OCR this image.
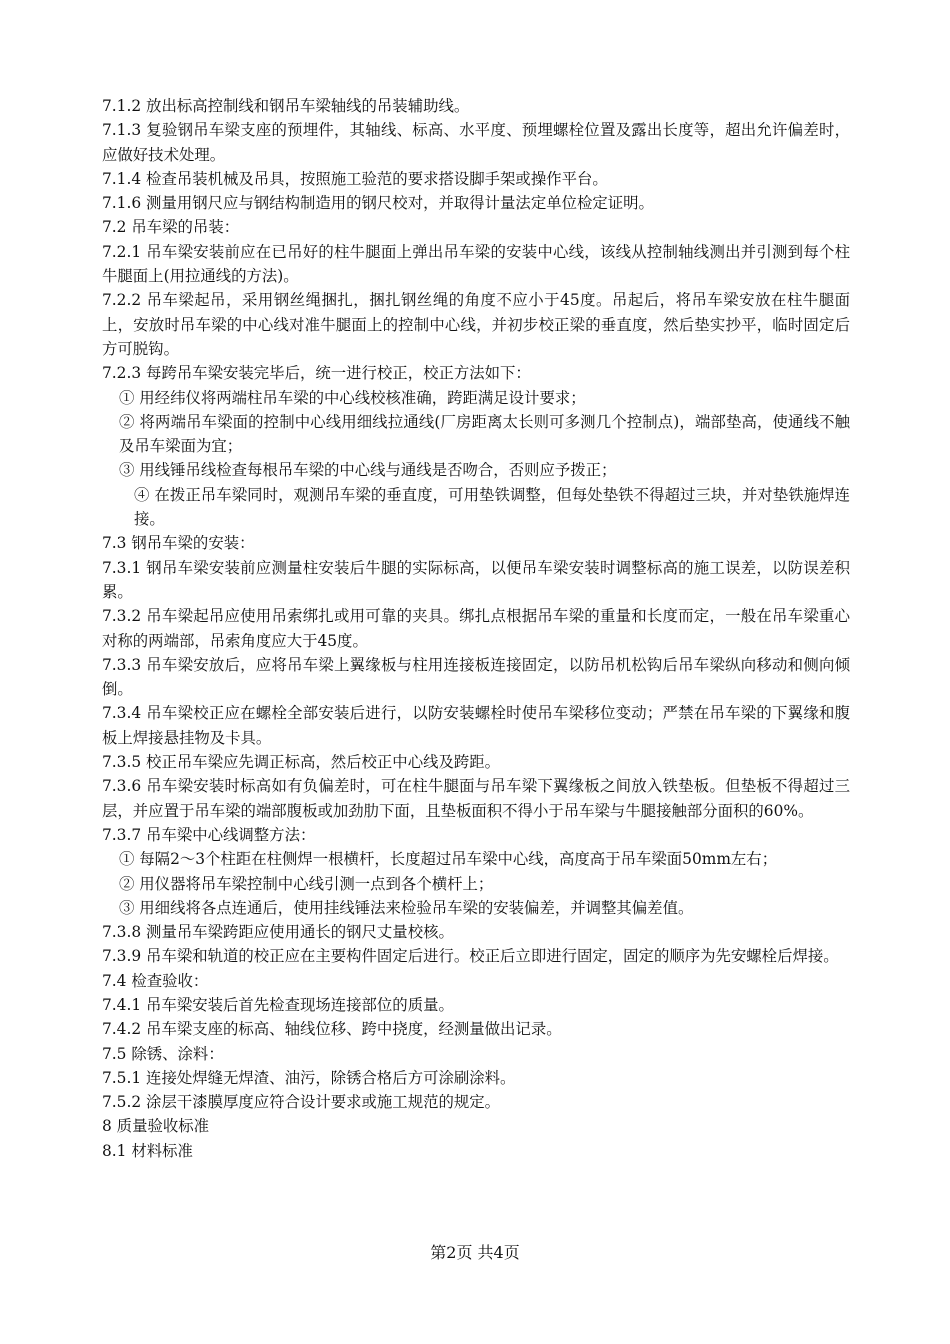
7.1.2 放出标高控制线和钢吊车梁轴线的吊装辅助线。

7.1.3 复验钢吊车梁支座的预埋件，其轴线、标高、水平度、预埋螺栓位置及露出长度等，超出允许偏差时，应做好技术处理。

7.1.4 检查吊装机械及吊具，按照施工验范的要求搭设脚手架或操作平台。

7.1.6 测量用钢尺应与钢结构制造用的钢尺校对，并取得计量法定单位检定证明。

7.2 吊车梁的吊装：

7.2.1 吊车梁安装前应在已吊好的柱牛腿面上弹出吊车梁的安装中心线，该线从控制轴线测出并引测到每个柱牛腿面上(用拉通线的方法)。

7.2.2 吊车梁起吊，采用钢丝绳捆扎，捆扎钢丝绳的角度不应小于45度。吊起后，将吊车梁安放在柱牛腿面上，安放时吊车梁的中心线对准牛腿面上的控制中心线，并初步校正梁的垂直度，然后垫实抄平，临时固定后方可脱钩。

7.2.3 每跨吊车梁安装完毕后，统一进行校正，校正方法如下：

① 用经纬仪将两端柱吊车梁的中心线校核准确，跨距满足设计要求；

② 将两端吊车梁面的控制中心线用细线拉通线(厂房距离太长则可多测几个控制点)，端部垫高，使通线不触及吊车梁面为宜；

③ 用线锤吊线检查每根吊车梁的中心线与通线是否吻合，否则应予拨正；

④ 在拨正吊车梁同时，观测吊车梁的垂直度，可用垫铁调整，但每处垫铁不得超过三块，并对垫铁施焊连接。

7.3 钢吊车梁的安装：

7.3.1 钢吊车梁安装前应测量柱安装后牛腿的实际标高，以便吊车梁安装时调整标高的施工误差，以防误差积累。

7.3.2 吊车梁起吊应使用吊索绑扎或用可靠的夹具。绑扎点根据吊车梁的重量和长度而定，一般在吊车梁重心对称的两端部，吊索角度应大于45度。

7.3.3 吊车梁安放后，应将吊车梁上翼缘板与柱用连接板连接固定，以防吊机松钩后吊车梁纵向移动和侧向倾倒。

7.3.4 吊车梁校正应在螺栓全部安装后进行，以防安装螺栓时使吊车梁移位变动；严禁在吊车梁的下翼缘和腹板上焊接悬挂物及卡具。

7.3.5 校正吊车梁应先调正标高，然后校正中心线及跨距。

7.3.6 吊车梁安装时标高如有负偏差时，可在柱牛腿面与吊车梁下翼缘板之间放入铁垫板。但垫板不得超过三层，并应置于吊车梁的端部腹板或加劲肋下面，且垫板面积不得小于吊车梁与牛腿接触部分面积的60%。

7.3.7 吊车梁中心线调整方法：

① 每隔2～3个柱距在柱侧焊一根横杆，长度超过吊车梁中心线，高度高于吊车梁面50mm左右；

② 用仪器将吊车梁控制中心线引测一点到各个横杆上；

③ 用细线将各点连通后，使用挂线锤法来检验吊车梁的安装偏差，并调整其偏差值。

7.3.8 测量吊车梁跨距应使用通长的钢尺丈量校核。

7.3.9 吊车梁和轨道的校正应在主要构件固定后进行。校正后立即进行固定，固定的顺序为先安螺栓后焊接。

7.4 检查验收：

7.4.1 吊车梁安装后首先检查现场连接部位的质量。

7.4.2 吊车梁支座的标高、轴线位移、跨中挠度，经测量做出记录。

7.5 除锈、涂料：

7.5.1 连接处焊缝无焊渣、油污，除锈合格后方可涂刷涂料。

7.5.2 涂层干漆膜厚度应符合设计要求或施工规范的规定。

8 质量验收标准

8.1 材料标准

第2页 共4页
